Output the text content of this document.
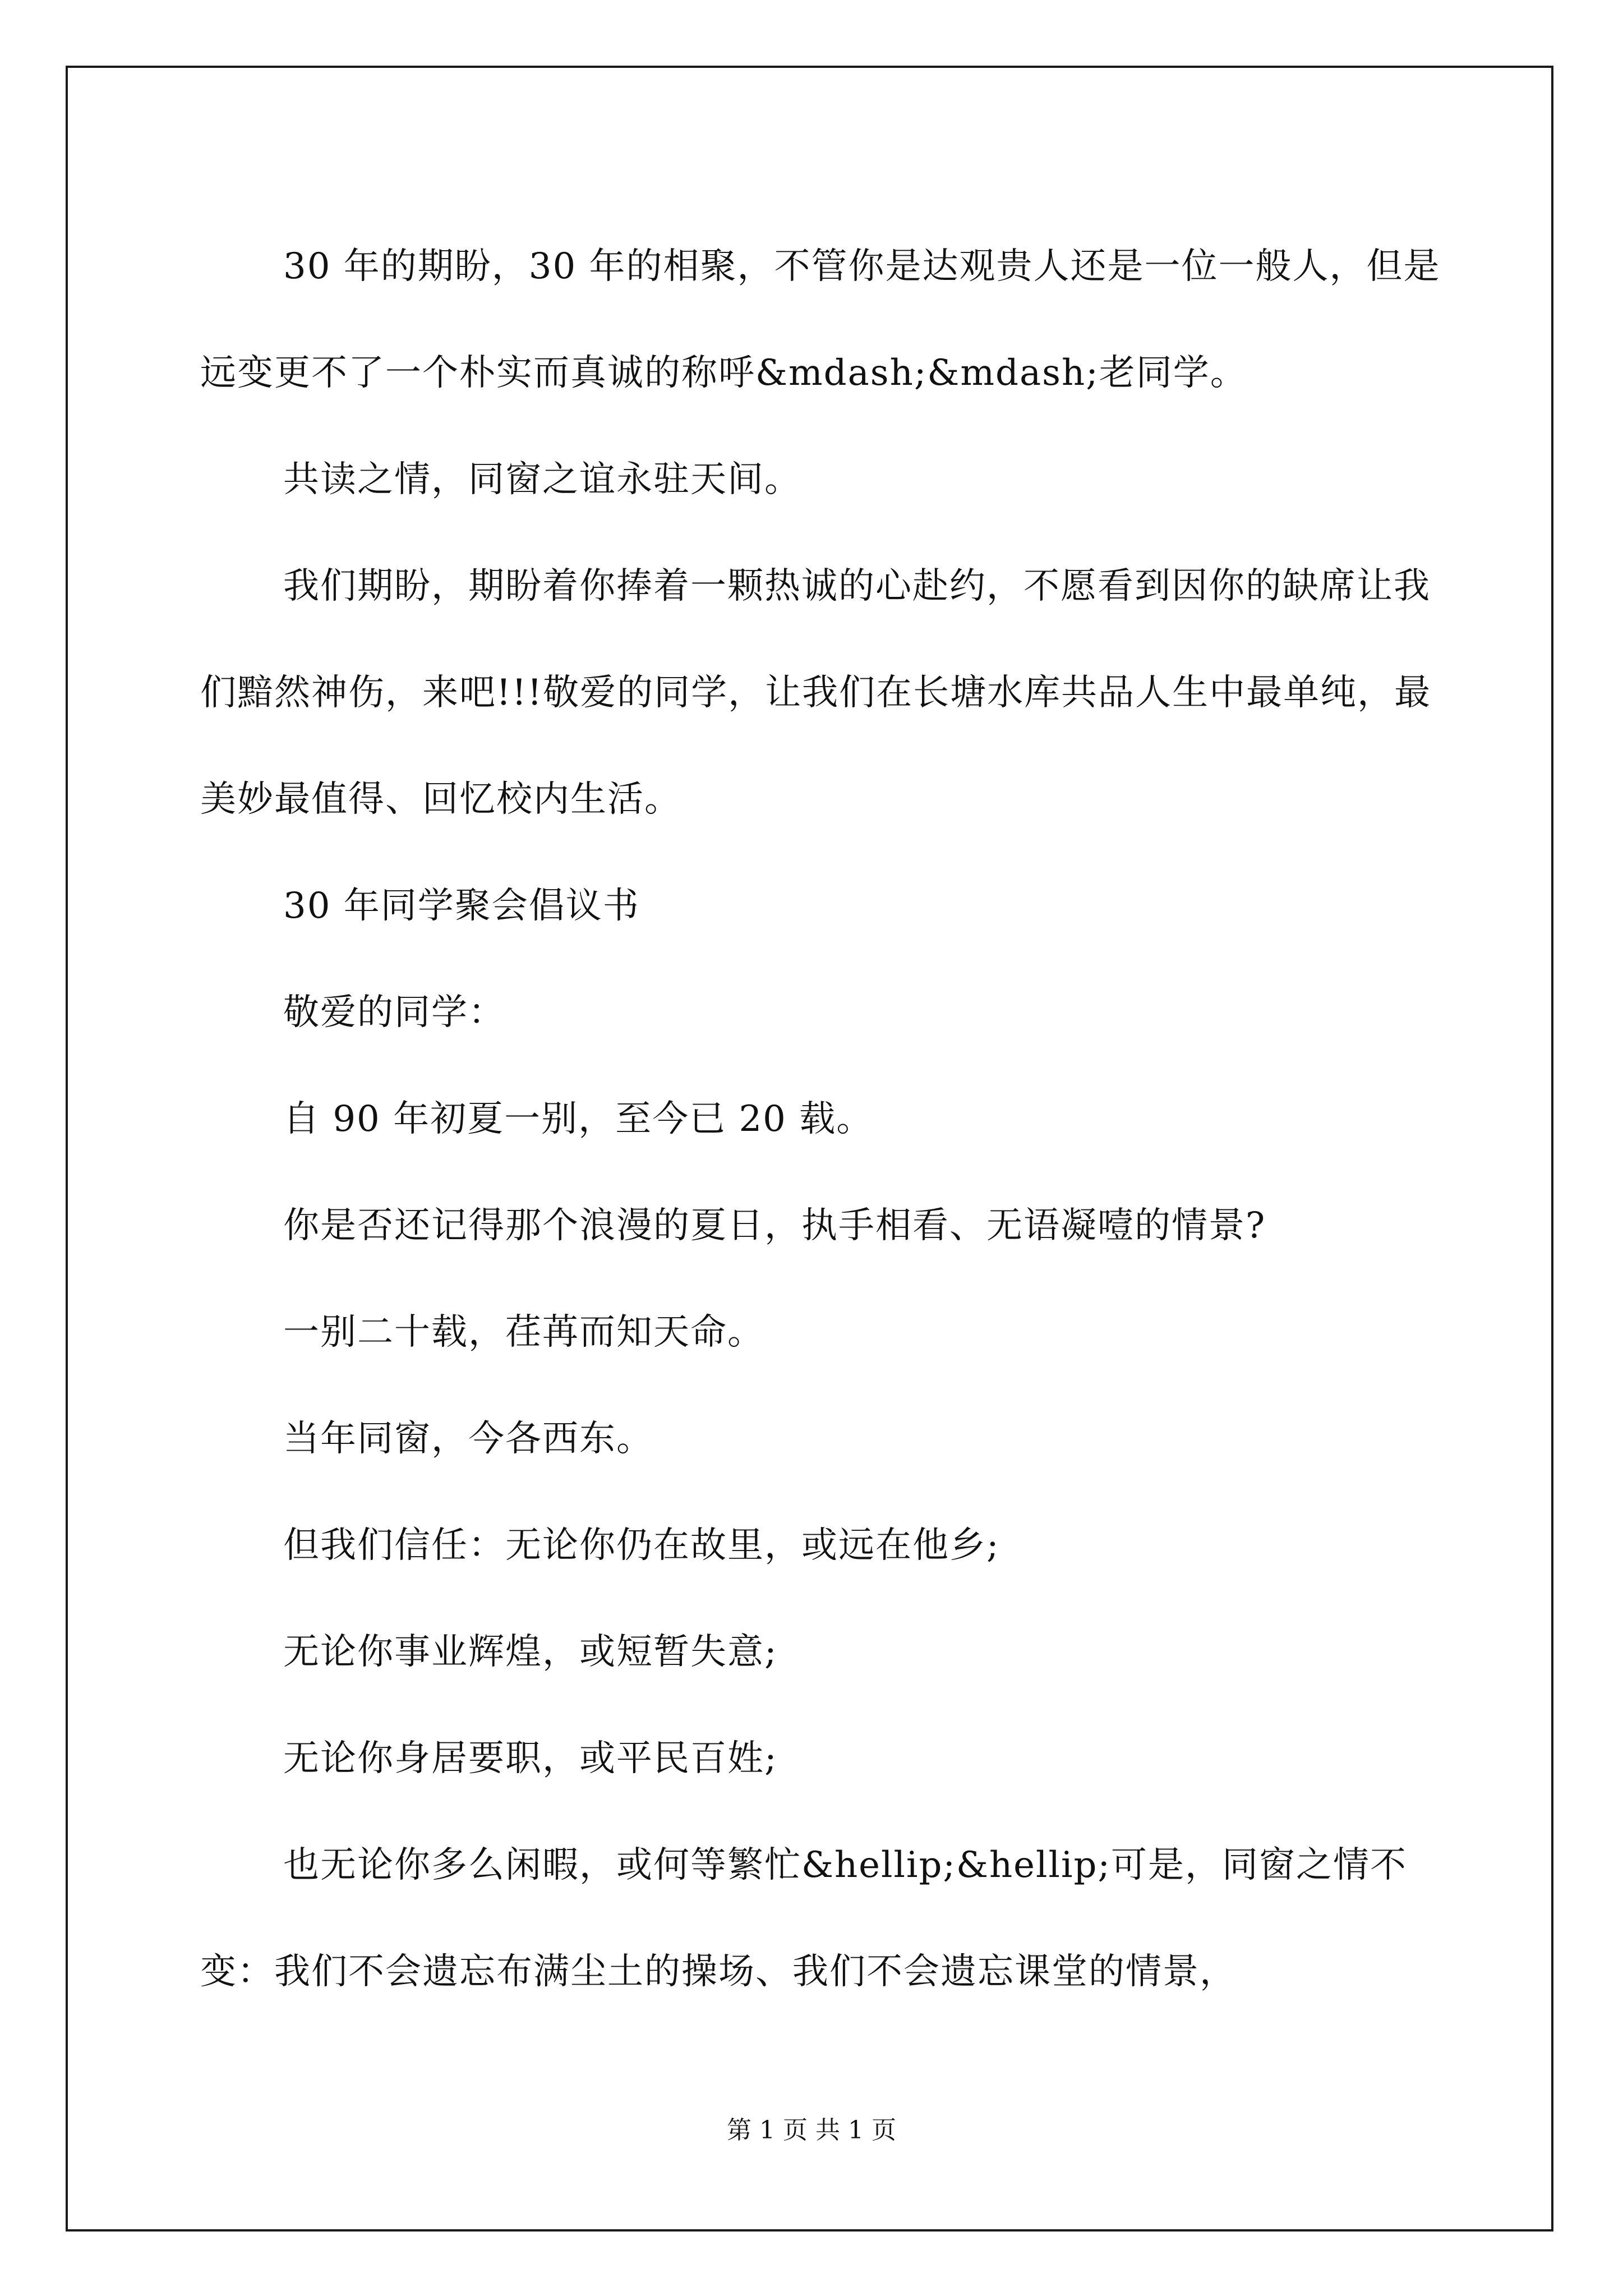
30 年的期盼，30 年的相聚，不管你是达观贵人还是一位一般人，但是远变更不了一个朴实而真诚的称呼&mdash;&mdash;老同学。

共读之情，同窗之谊永驻天间。

我们期盼，期盼着你捧着一颗热诚的心赴约，不愿看到因你的缺席让我们黯然神伤，来吧!!!敬爱的同学，让我们在长塘水库共品人生中最单纯，最美妙最值得、回忆校内生活。

30 年同学聚会倡议书

敬爱的同学：

自 90 年初夏一别，至今已 20 载。

你是否还记得那个浪漫的夏日，执手相看、无语凝噎的情景?

一别二十载，荏苒而知天命。

当年同窗，今各西东。

但我们信任：无论你仍在故里，或远在他乡;

无论你事业辉煌，或短暂失意;

无论你身居要职，或平民百姓;

也无论你多么闲暇，或何等繁忙&hellip;&hellip;可是，同窗之情不变：我们不会遗忘布满尘土的操场、我们不会遗忘课堂的情景，

第 1 页 共 1 页
